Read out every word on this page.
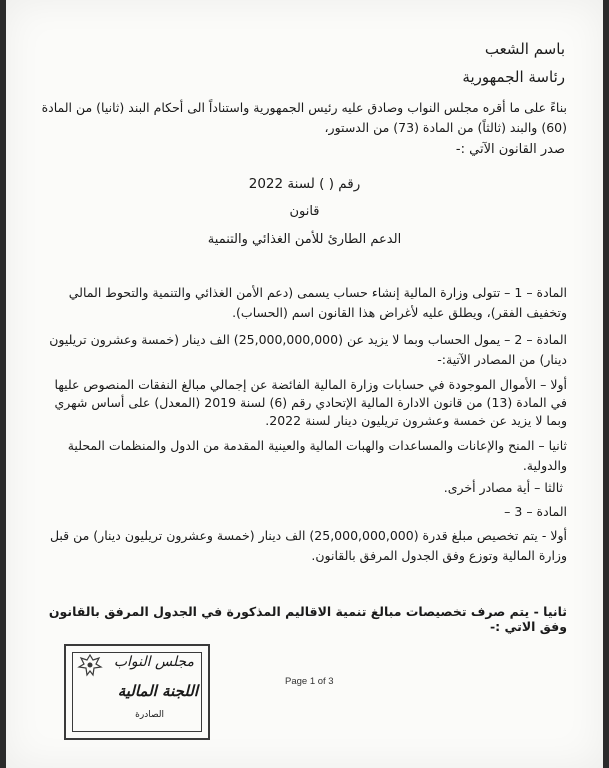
باسم الشعب
رئاسة الجمهورية
بناءً على ما أقره مجلس النواب وصادق عليه رئيس الجمهورية واستناداً الى أحكام البند (ثانيا) من المادة (60) والبند (ثالثاً) من المادة (73) من الدستور،
صدر القانون الآتي :-
رقم ( ) لسنة 2022
قانون
الدعم الطارئ للأمن الغذائي والتنمية
المادة – 1 – تتولى وزارة المالية إنشاء حساب يسمى (دعم الأمن الغذائي والتنمية والتحوط المالي وتخفيف الفقر)، ويطلق عليه لأغراض هذا القانون اسم (الحساب).
المادة – 2 – يمول الحساب وبما لا يزيد عن (25,000,000,000) الف دينار (خمسة وعشرون تريليون دينار) من المصادر الآتية:-
أولا – الأموال الموجودة في حسابات وزارة المالية الفائضة عن إجمالي مبالغ النفقات المنصوص عليها في المادة (13) من قانون الادارة المالية الإتحادي رقم (6) لسنة 2019 (المعدل) على أساس شهري وبما لا يزيد عن خمسة وعشرون تريليون دينار لسنة 2022.
ثانيا – المنح والإعانات والمساعدات والهبات المالية والعينية المقدمة من الدول والمنظمات المحلية والدولية.
ثالثا – أية مصادر أخرى.
المادة – 3 –
أولا - يتم تخصيص مبلغ قدرة (25,000,000,000) الف دينار (خمسة وعشرون تريليون دينار) من قبل وزارة المالية وتوزع وفق الجدول المرفق بالقانون.
ثانيا - يتم صرف تخصيصات مبالغ تنمية الاقاليم المذكورة في الجدول المرفق بالقانون وفق الاتي :-
مجلس النواب
اللجنة المالية
الصادرة
Page 1 of 3
